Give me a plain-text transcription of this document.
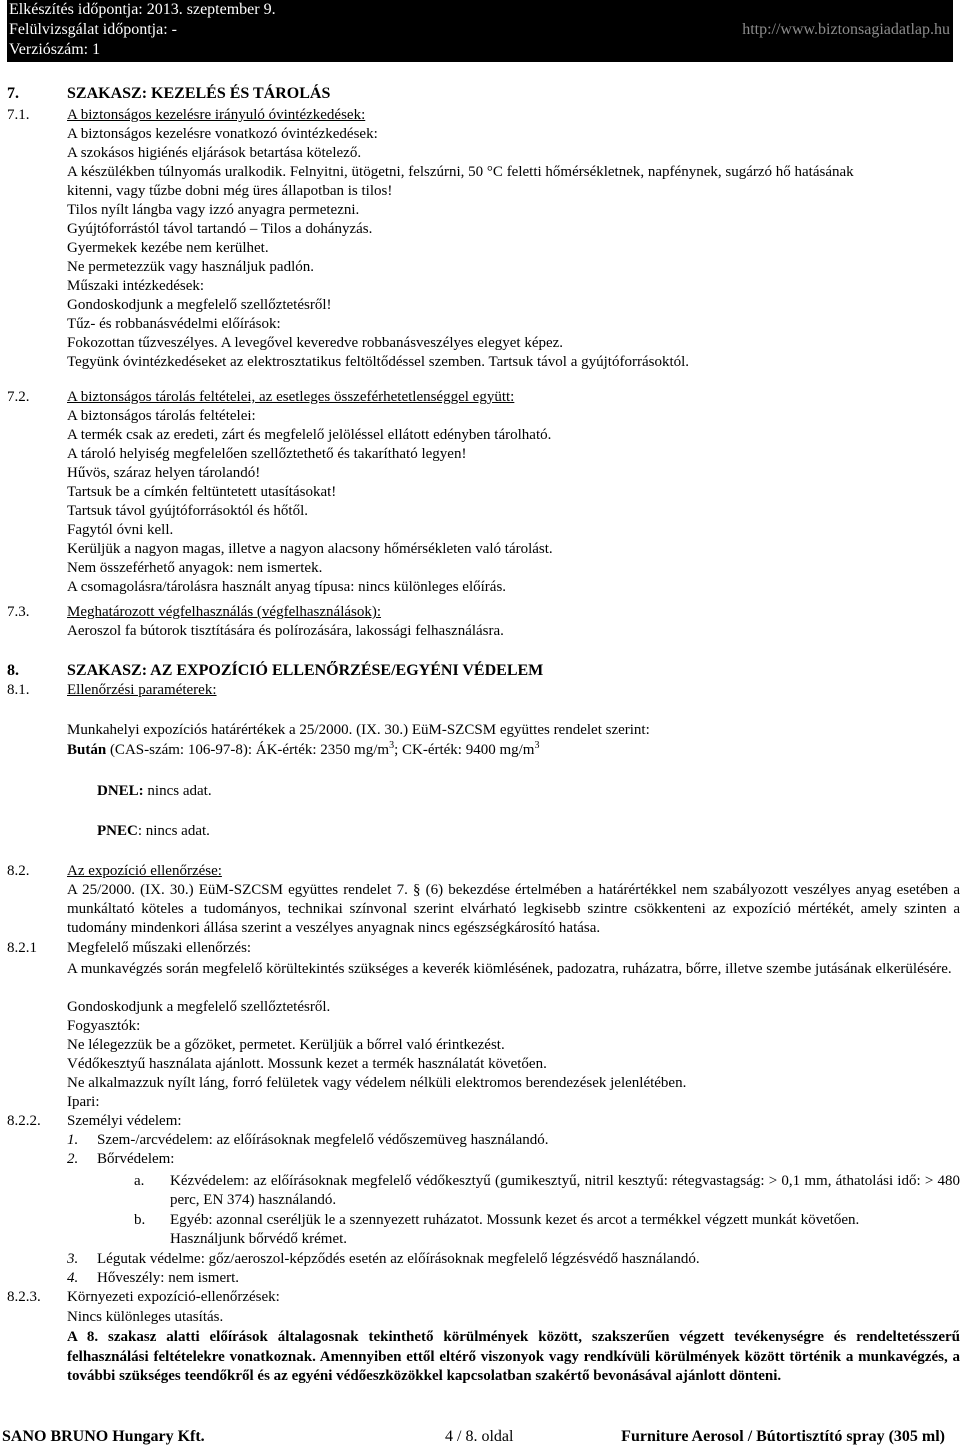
Elkészítés időpontja: 2013. szeptember 9.
Felülvizsgálat időpontja: -
Verziószám: 1
http://www.biztonsagiadatlap.hu
7.	SZAKASZ: KEZELÉS ÉS TÁROLÁS
7.1.	A biztonságos kezelésre irányuló óvintézkedések:
A biztonságos kezelésre vonatkozó óvintézkedések:
A szokásos higiénés eljárások betartása kötelező.
A készülékben túlnyomás uralkodik. Felnyitni, ütögetni, felszúrni, 50 °C feletti hőmérsékletnek, napfénynek, sugárzó hő hatásának
kitenni, vagy tűzbe dobni még üres állapotban is tilos!
Tilos nyílt lángba vagy izzó anyagra permetezni.
Gyújtóforrástól távol tartandó – Tilos a dohányzás.
Gyermekek kezébe nem kerülhet.
Ne permetezzük vagy használjuk padlón.
Műszaki intézkedések:
Gondoskodjunk a megfelelő szellőztetésről!
Tűz- és robbanásvédelmi előírások:
Fokozottan tűzveszélyes. A levegővel keveredve robbanásveszélyes elegyet képez.
Tegyünk óvintézkedéseket az elektrosztatikus feltöltődéssel szemben. Tartsuk távol a gyújtóforrásoktól.
7.2.	A biztonságos tárolás feltételei, az esetleges összeférhetetlenséggel együtt:
A biztonságos tárolás feltételei:
A termék csak az eredeti, zárt és megfelelő jelöléssel ellátott edényben tárolható.
A tároló helyiség megfelelően szellőztethető és takarítható legyen!
Hűvös, száraz helyen tárolandó!
Tartsuk be a címkén feltüntetett utasításokat!
Tartsuk távol gyújtóforrásoktól és hőtől.
Fagytól óvni kell.
Kerüljük a nagyon magas, illetve a nagyon alacsony hőmérsékleten való tárolást.
Nem összeférhető anyagok: nem ismertek.
A csomagolásra/tárolásra használt anyag típusa: nincs különleges előírás.
7.3.	Meghatározott végfelhasználás (végfelhasználások):
Aeroszol fa bútorok tisztítására és polírozására, lakossági felhasználásra.
8.	SZAKASZ: AZ EXPOZÍCIÓ ELLENŐRZÉSE/EGYÉNI VÉDELEM
8.1.	Ellenőrzési paraméterek:
Munkahelyi expozíciós határértékek a 25/2000. (IX. 30.) EüM-SZCSM együttes rendelet szerint:
Bután (CAS-szám: 106-97-8): ÁK-érték: 2350 $mg/m^3$; CK-érték: 9400 $mg/m^3$
DNEL: nincs adat.
PNEC: nincs adat.
8.2.	Az expozíció ellenőrzése:
A 25/2000. (IX. 30.) EüM-SZCSM együttes rendelet 7. § (6) bekezdése értelmében a határértékkel nem szabályozott veszélyes anyag esetében a munkáltató köteles a tudományos, technikai színvonal szerint elvárható legkisebb szintre csökkenteni az expozíció mértékét, amely szinten a tudomány mindenkori állása szerint a veszélyes anyagnak nincs egészségkárosító hatása.
8.2.1 Megfelelő műszaki ellenőrzés:
A munkavégzés során megfelelő körültekintés szükséges a keverék kiömlésének, padozatra, ruházatra, bőrre, illetve szembe jutásának elkerülésére.
Gondoskodjunk a megfelelő szellőztetésről.
Fogyasztók:
Ne lélegezzük be a gőzöket, permetet. Kerüljük a bőrrel való érintkezést.
Védőkesztyű használata ajánlott. Mossunk kezet a termék használatát követően.
Ne alkalmazzuk nyílt láng, forró felületek vagy védelem nélküli elektromos berendezések jelenlétében.
Ipari:
8.2.2. Személyi védelem:
1. Szem-/arcvédelem: az előírásoknak megfelelő védőszemüveg használandó.
2. Bőrvédelem:
a. Kézvédelem: az előírásoknak megfelelő védőkesztyű (gumikesztyű, nitril kesztyű: rétegvastagság: > 0,1 mm, áthatolási idő: > 480 perc, EN 374) használandó.
b. Egyéb: azonnal cseréljük le a szennyezett ruházatot. Mossunk kezet és arcot a termékkel végzett munkát követően.
Használjunk bőrvédő krémet.
3. Légutak védelme: gőz/aeroszol-képződés esetén az előírásoknak megfelelő légzésvédő használandó.
4. Hőveszély: nem ismert.
8.2.3. Környezeti expozíció-ellenőrzések:
Nincs különleges utasítás.
A 8. szakasz alatti előírások általagosnak tekinthető körülmények között, szakszerűen végzett tevékenységre és rendeltetésszerű felhasználási feltételekre vonatkoznak. Amennyiben ettől eltérő viszonyok vagy rendkívüli körülmények között történik a munkavégzés, a további szükséges teendőkről és az egyéni védőeszközökkel kapcsolatban szakértő bevonásával ajánlott dönteni.
SANO BRUNO Hungary Kft.	4 / 8. oldal	Furniture Aerosol / Bútortisztító spray (305 ml)
